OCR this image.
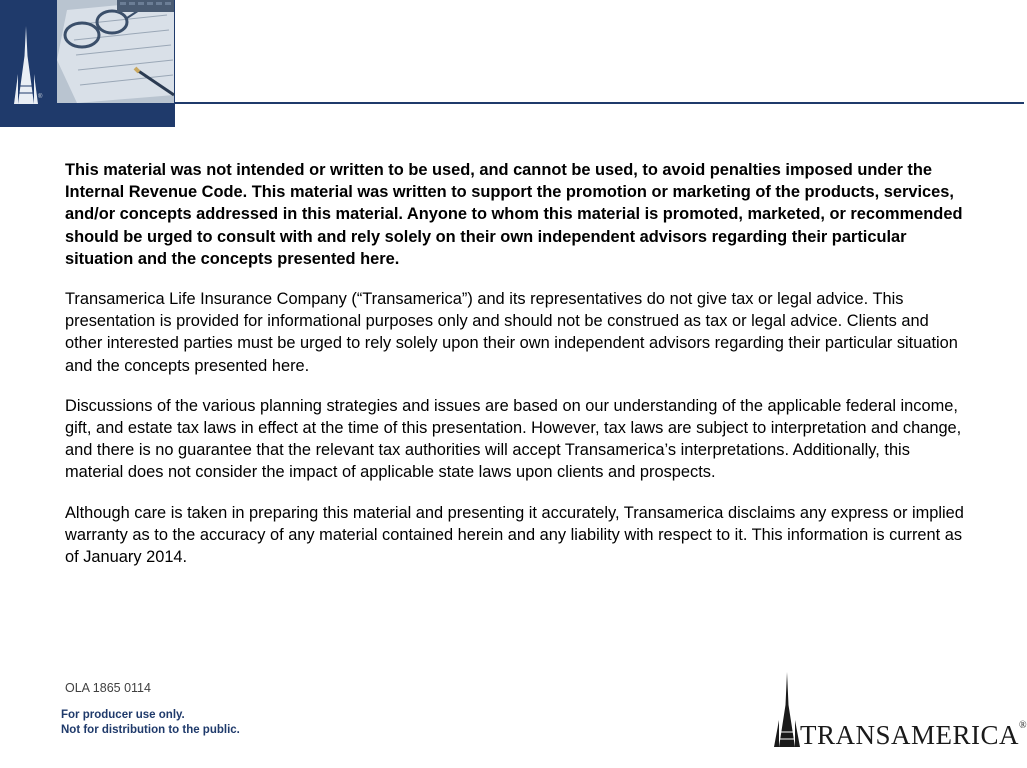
®

This material was not intended or written to be used, and cannot be used, to avoid penalties imposed under the Internal Revenue Code. This material was written to support the promotion or marketing of the products, services, and/or concepts addressed in this material. Anyone to whom this material is promoted, marketed, or recommended should be urged to consult with and rely solely on their own independent advisors regarding their particular situation and the concepts presented here.

Transamerica Life Insurance Company (“Transamerica”) and its representatives do not give tax or legal advice. This presentation is provided for informational purposes only and should not be construed as tax or legal advice. Clients and other interested parties must be urged to rely solely upon their own independent advisors regarding their particular situation and the concepts presented here.

Discussions of the various planning strategies and issues are based on our understanding of the applicable federal income, gift, and estate tax laws in effect at the time of this presentation. However, tax laws are subject to interpretation and change, and there is no guarantee that the relevant tax authorities will accept Transamerica’s interpretations. Additionally, this material does not consider the impact of applicable state laws upon clients and prospects.

Although care is taken in preparing this material and presenting it accurately, Transamerica disclaims any express or implied warranty as to the accuracy of any material contained herein and any liability with respect to it. This information is current as of January 2014.

OLA 1865 0114
For producer use only.
Not for distribution to the public.	TRANSAMERICA®
